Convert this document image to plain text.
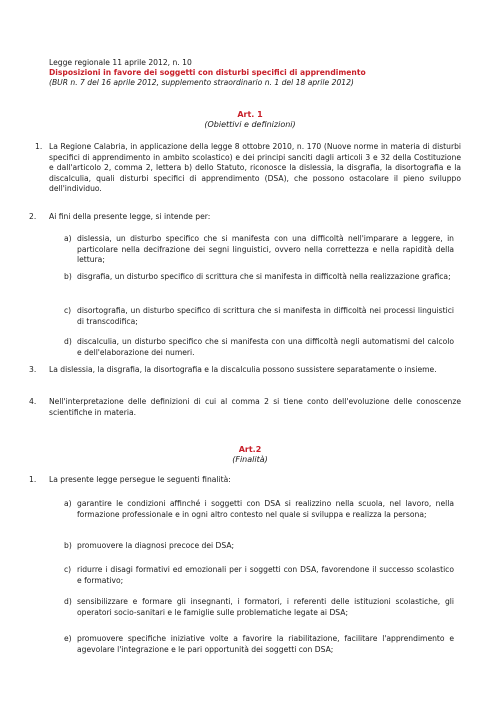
Legge regionale 11 aprile 2012, n. 10
Disposizioni in favore dei soggetti con disturbi specifici di apprendimento
(BUR n. 7 del 16 aprile 2012, supplemento straordinario n. 1 del 18 aprile 2012)
Art. 1
(Obiettivi e definizioni)
1. La Regione Calabria, in applicazione della legge 8 ottobre 2010, n. 170 (Nuove norme in materia di disturbi specifici di apprendimento in ambito scolastico) e dei principi sanciti dagli articoli 3 e 32 della Costituzione e dall'articolo 2, comma 2, lettera b) dello Statuto, riconosce la dislessia, la disgrafia, la disortografia e la discalculia, quali disturbi specifici di apprendimento (DSA), che possono ostacolare il pieno sviluppo dell'individuo.
2. Ai fini della presente legge, si intende per:
a) dislessia, un disturbo specifico che si manifesta con una difficoltà nell'imparare a leggere, in particolare nella decifrazione dei segni linguistici, ovvero nella correttezza e nella rapidità della lettura;
b) disgrafia, un disturbo specifico di scrittura che si manifesta in difficoltà nella realizzazione grafica;
c) disortografia, un disturbo specifico di scrittura che si manifesta in difficoltà nei processi linguistici di transcodifica;
d) discalculia, un disturbo specifico che si manifesta con una difficoltà negli automatismi del calcolo e dell'elaborazione dei numeri.
3. La dislessia, la disgrafia, la disortografia e la discalculia possono sussistere separatamente o insieme.
4. Nell'interpretazione delle definizioni di cui al comma 2 si tiene conto dell'evoluzione delle conoscenze scientifiche in materia.
Art.2
(Finalità)
1. La presente legge persegue le seguenti finalità:
a) garantire le condizioni affinché i soggetti con DSA si realizzino nella scuola, nel lavoro, nella formazione professionale e in ogni altro contesto nel quale si sviluppa e realizza la persona;
b) promuovere la diagnosi precoce dei DSA;
c) ridurre i disagi formativi ed emozionali per i soggetti con DSA, favorendone il successo scolastico e formativo;
d) sensibilizzare e formare gli insegnanti, i formatori, i referenti delle istituzioni scolastiche, gli operatori socio-sanitari e le famiglie sulle problematiche legate ai DSA;
e) promuovere specifiche iniziative volte a favorire la riabilitazione, facilitare l'apprendimento e agevolare l'integrazione e le pari opportunità dei soggetti con DSA;
